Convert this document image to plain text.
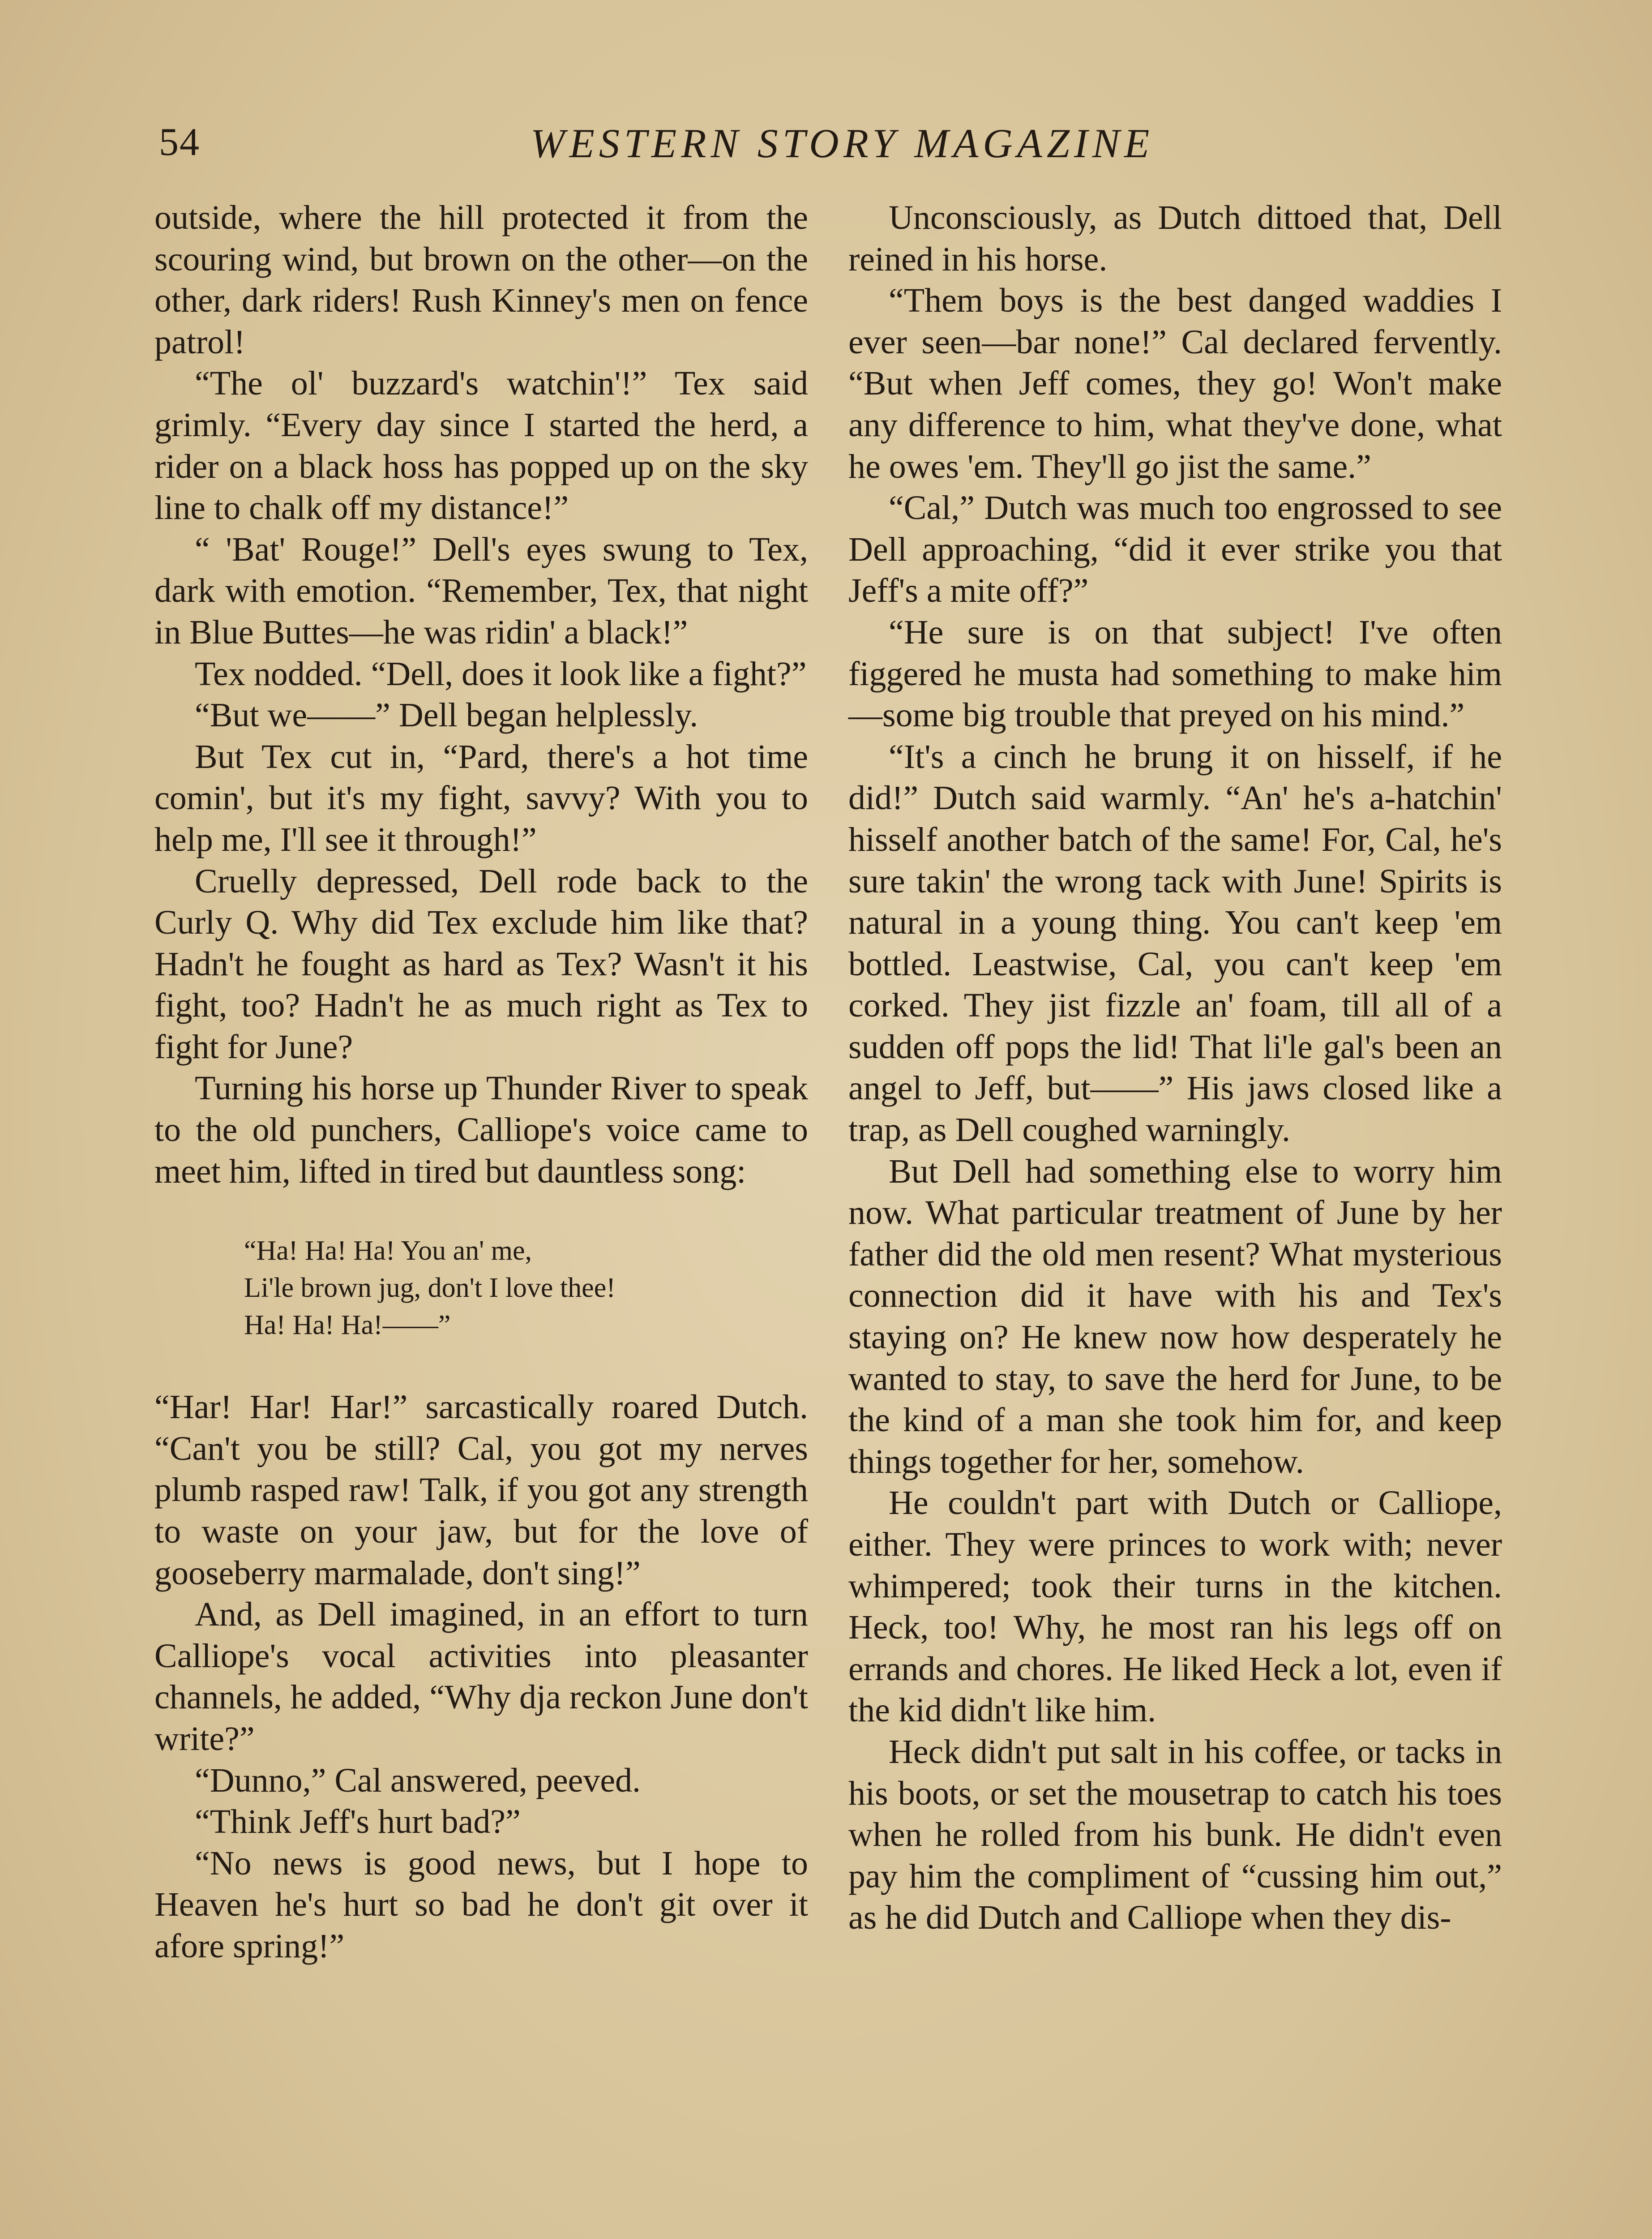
54	WESTERN STORY MAGAZINE

outside, where the hill protected it from the scouring wind, but brown on the other—on the other, dark riders! Rush Kinney's men on fence patrol!

“The ol' buzzard's watchin'!” Tex said grimly. “Every day since I started the herd, a rider on a black hoss has popped up on the sky line to chalk off my distance!”

“ 'Bat' Rouge!” Dell's eyes swung to Tex, dark with emotion. “Remember, Tex, that night in Blue Buttes—he was ridin' a black!”

Tex nodded. “Dell, does it look like a fight?”

“But we——” Dell began helplessly.

But Tex cut in, “Pard, there's a hot time comin', but it's my fight, savvy? With you to help me, I'll see it through!”

Cruelly depressed, Dell rode back to the Curly Q. Why did Tex exclude him like that? Hadn't he fought as hard as Tex? Wasn't it his fight, too? Hadn't he as much right as Tex to fight for June?

Turning his horse up Thunder River to speak to the old punchers, Calliope's voice came to meet him, lifted in tired but dauntless song:

“Ha! Ha! Ha! You an' me,
Li'le brown jug, don't I love thee!
Ha! Ha! Ha!——”

“Har! Har! Har!” sarcastically roared Dutch. “Can't you be still? Cal, you got my nerves plumb rasped raw! Talk, if you got any strength to waste on your jaw, but for the love of gooseberry marmalade, don't sing!”

And, as Dell imagined, in an effort to turn Calliope's vocal activities into pleasanter channels, he added, “Why dja reckon June don't write?”

“Dunno,” Cal answered, peeved.

“Think Jeff's hurt bad?”

“No news is good news, but I hope to Heaven he's hurt so bad he don't git over it afore spring!”

Unconsciously, as Dutch dittoed that, Dell reined in his horse.

“Them boys is the best danged waddies I ever seen—bar none!” Cal declared fervently. “But when Jeff comes, they go! Won't make any difference to him, what they've done, what he owes 'em. They'll go jist the same.”

“Cal,” Dutch was much too engrossed to see Dell approaching, “did it ever strike you that Jeff's a mite off?”

“He sure is on that subject! I've often figgered he musta had something to make him—some big trouble that preyed on his mind.”

“It's a cinch he brung it on hisself, if he did!” Dutch said warmly. “An' he's a-hatchin' hisself another batch of the same! For, Cal, he's sure takin' the wrong tack with June! Spirits is natural in a young thing. You can't keep 'em bottled. Leastwise, Cal, you can't keep 'em corked. They jist fizzle an' foam, till all of a sudden off pops the lid! That li'le gal's been an angel to Jeff, but——” His jaws closed like a trap, as Dell coughed warningly.

But Dell had something else to worry him now. What particular treatment of June by her father did the old men resent? What mysterious connection did it have with his and Tex's staying on? He knew now how desperately he wanted to stay, to save the herd for June, to be the kind of a man she took him for, and keep things together for her, somehow.

He couldn't part with Dutch or Calliope, either. They were princes to work with; never whimpered; took their turns in the kitchen. Heck, too! Why, he most ran his legs off on errands and chores. He liked Heck a lot, even if the kid didn't like him.

Heck didn't put salt in his coffee, or tacks in his boots, or set the mousetrap to catch his toes when he rolled from his bunk. He didn't even pay him the compliment of “cussing him out,” as he did Dutch and Calliope when they dis-
